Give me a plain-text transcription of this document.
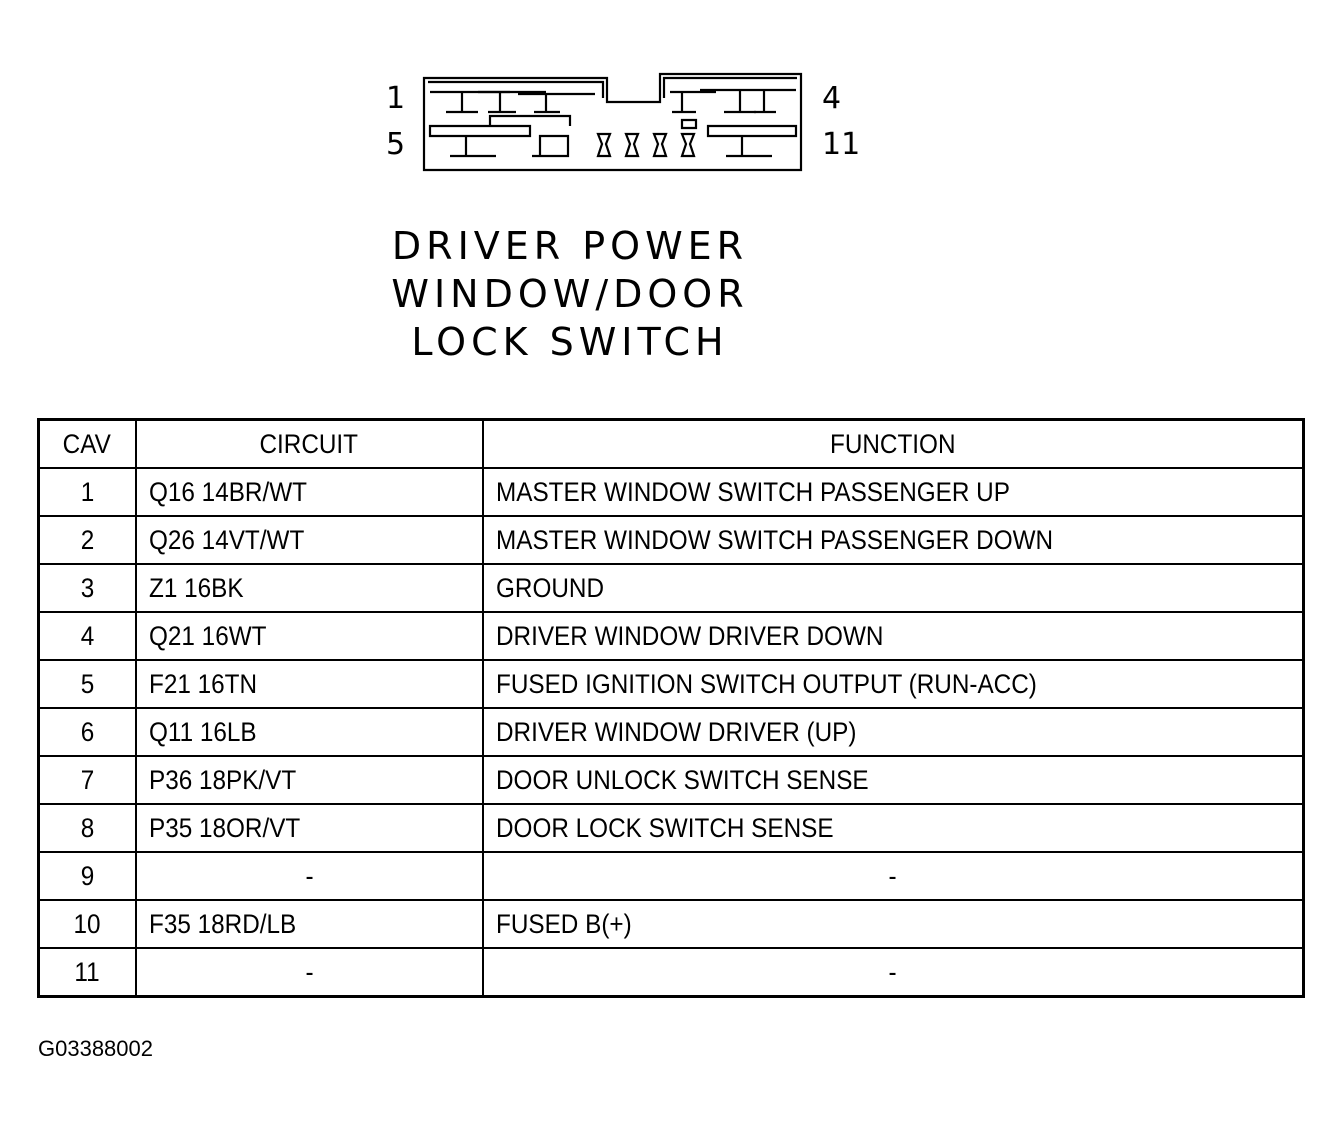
1
5
4
11
DRIVER POWER
WINDOW/DOOR
LOCK SWITCH
CAV	CIRCUIT	FUNCTION
1	Q16 14BR/WT	MASTER WINDOW SWITCH PASSENGER UP
2	Q26 14VT/WT	MASTER WINDOW SWITCH PASSENGER DOWN
3	Z1 16BK	GROUND
4	Q21 16WT	DRIVER WINDOW DRIVER DOWN
5	F21 16TN	FUSED IGNITION SWITCH OUTPUT (RUN-ACC)
6	Q11 16LB	DRIVER WINDOW DRIVER (UP)
7	P36 18PK/VT	DOOR UNLOCK SWITCH SENSE
8	P35 18OR/VT	DOOR LOCK SWITCH SENSE
9	-	-
10	F35 18RD/LB	FUSED B(+)
11	-	-
G03388002
